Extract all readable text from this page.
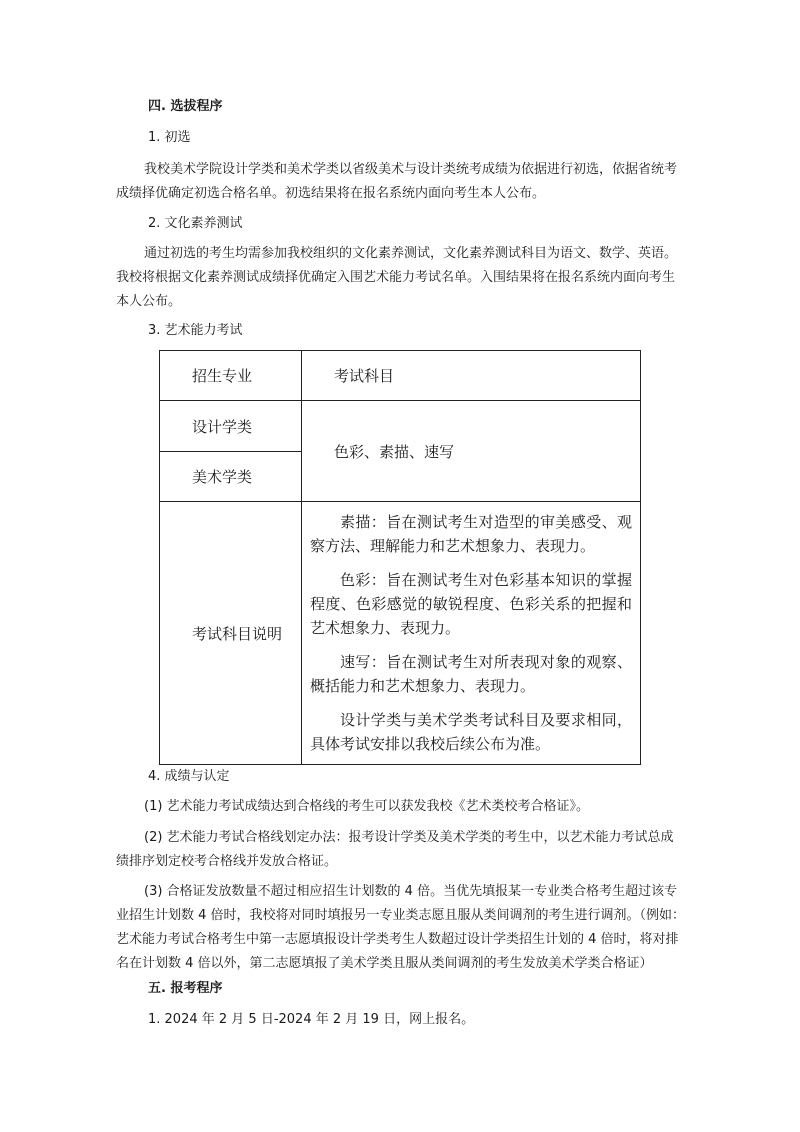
四. 选拔程序
1. 初选
我校美术学院设计学类和美术学类以省级美术与设计类统考成绩为依据进行初选，依据省统考成绩择优确定初选合格名单。初选结果将在报名系统内面向考生本人公布。
2. 文化素养测试
通过初选的考生均需参加我校组织的文化素养测试，文化素养测试科目为语文、数学、英语。我校将根据文化素养测试成绩择优确定入围艺术能力考试名单。入围结果将在报名系统内面向考生本人公布。
3. 艺术能力考试
招生专业	考试科目
设计学类	色彩、素描、速写
美术学类	
考试科目说明	素描：旨在测试考生对造型的审美感受、观察方法、理解能力和艺术想象力、表现力。

色彩：旨在测试考生对色彩基本知识的掌握程度、色彩感觉的敏锐程度、色彩关系的把握和艺术想象力、表现力。

速写：旨在测试考生对所表现对象的观察、概括能力和艺术想象力、表现力。

设计学类与美术学类考试科目及要求相同，具体考试安排以我校后续公布为准。

4. 成绩与认定
(1) 艺术能力考试成绩达到合格线的考生可以获发我校《艺术类校考合格证》。
(2) 艺术能力考试合格线划定办法：报考设计学类及美术学类的考生中，以艺术能力考试总成绩排序划定校考合格线并发放合格证。
(3) 合格证发放数量不超过相应招生计划数的 4 倍。当优先填报某一专业类合格考生超过该专业招生计划数 4 倍时，我校将对同时填报另一专业类志愿且服从类间调剂的考生进行调剂。（例如：艺术能力考试合格考生中第一志愿填报设计学类考生人数超过设计学类招生计划的 4 倍时，将对排名在计划数 4 倍以外，第二志愿填报了美术学类且服从类间调剂的考生发放美术学类合格证）
五. 报考程序
1. 2024 年 2 月 5 日-2024 年 2 月 19 日，网上报名。
